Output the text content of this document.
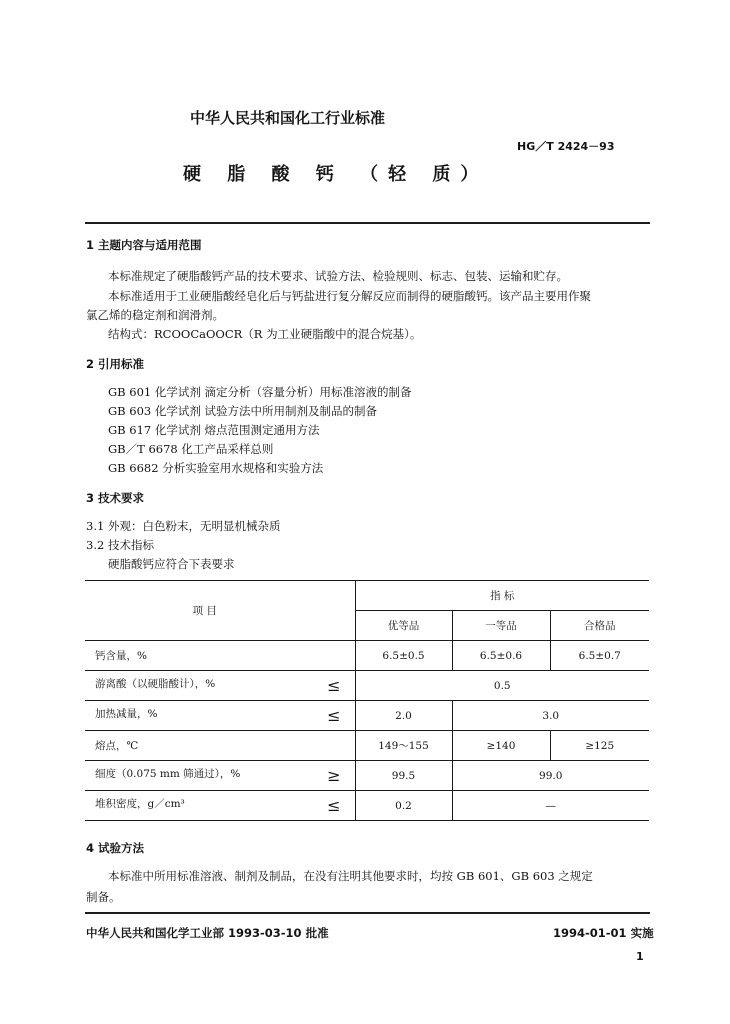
中华人民共和国化工行业标准
HG／T 2424－93
硬 脂 酸 钙 （轻 质）
1 主题内容与适用范围
本标准规定了硬脂酸钙产品的技术要求、试验方法、检验规则、标志、包装、运输和贮存。
本标准适用于工业硬脂酸经皂化后与钙盐进行复分解反应而制得的硬脂酸钙。该产品主要用作聚
氯乙烯的稳定剂和润滑剂。
结构式：RCOOCaOOCR（R 为工业硬脂酸中的混合烷基）。
2 引用标准
GB 601 化学试剂 滴定分析（容量分析）用标准溶液的制备
GB 603 化学试剂 试验方法中所用制剂及制品的制备
GB 617 化学试剂 熔点范围测定通用方法
GB／T 6678 化工产品采样总则
GB 6682 分析实验室用水规格和实验方法
3 技术要求
3.1 外观：白色粉末，无明显机械杂质
3.2 技术指标
硬脂酸钙应符合下表要求
项 目	指 标		
	优等品	一等品	合格品

钙含量，%	6.5±0.5	6.5±0.6	6.5±0.7

游离酸（以硬脂酸计），% ≤	0.5		

加热减量，% ≤	2.0	3.0	

熔点，℃	149～155	≥140	≥125

细度（0.075 mm 筛通过），% ≥	99.5	99.0	

堆积密度，g／cm³ ≤	0.2	—	
4 试验方法
本标准中所用标准溶液、制剂及制品，在没有注明其他要求时，均按 GB 601、GB 603 之规定
制备。
中华人民共和国化学工业部 1993-03-10 批准	1994-01-01 实施
1
